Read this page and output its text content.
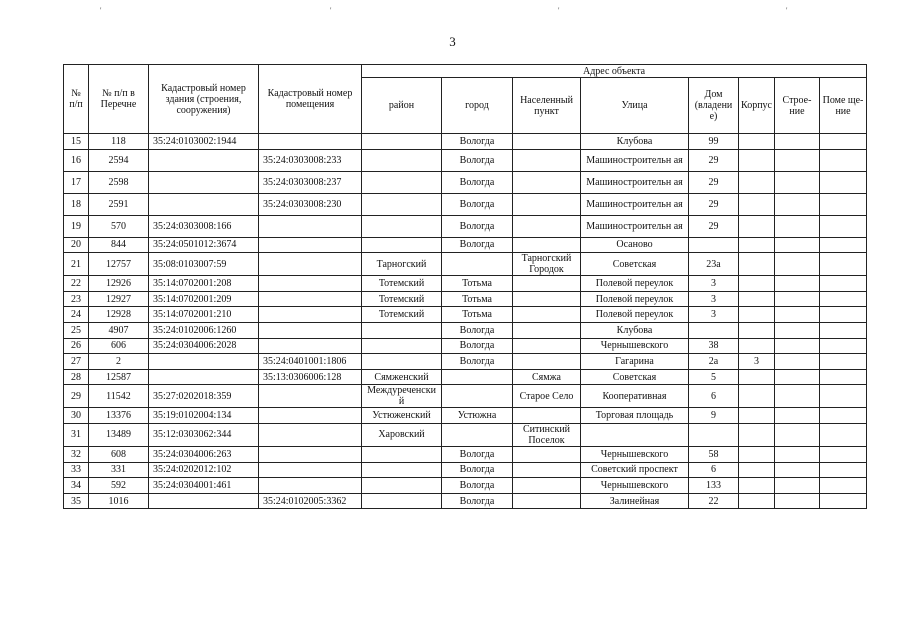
'	'	'	'
3
№ п/п	№ п/п в Перечне	Кадастровый номер здания (строения, сооружения)	Кадастровый номер помещения	Адрес объекта							
				район	город	Населенный пункт	Улица	Дом (владени е)	Корпус	Строе- ние	Поме ще- ние
15	118	35:24:0103002:1944			Вологда		Клубова	99			
16	2594		35:24:0303008:233		Вологда		Машиностроительн ая	29			
17	2598		35:24:0303008:237		Вологда		Машиностроительн ая	29			
18	2591		35:24:0303008:230		Вологда		Машиностроительн ая	29			
19	570	35:24:0303008:166			Вологда		Машиностроительн ая	29			
20	844	35:24:0501012:3674			Вологда		Осаново				
21	12757	35:08:0103007:59		Тарногский		Тарногский Городок	Советская	23а			
22	12926	35:14:0702001:208		Тотемский	Тотьма		Полевой переулок	3			
23	12927	35:14:0702001:209		Тотемский	Тотьма		Полевой переулок	3			
24	12928	35:14:0702001:210		Тотемский	Тотьма		Полевой переулок	3			
25	4907	35:24:0102006:1260			Вологда		Клубова				
26	606	35:24:0304006:2028			Вологда		Чернышевского	38			
27	2		35:24:0401001:1806		Вологда		Гагарина	2а	3		
28	12587		35:13:0306006:128	Сямженский		Сямжа	Советская	5			
29	11542	35:27:0202018:359		Междуреченски й		Старое Село	Кооперативная	6			
30	13376	35:19:0102004:134		Устюженский	Устюжна		Торговая площадь	9			
31	13489	35:12:0303062:344		Харовский		Ситинский Поселок					
32	608	35:24:0304006:263			Вологда		Чернышевского	58			
33	331	35:24:0202012:102			Вологда		Советский проспект	6			
34	592	35:24:0304001:461			Вологда		Чернышевского	133			
35	1016		35:24:0102005:3362		Вологда		Залинейная	22			
